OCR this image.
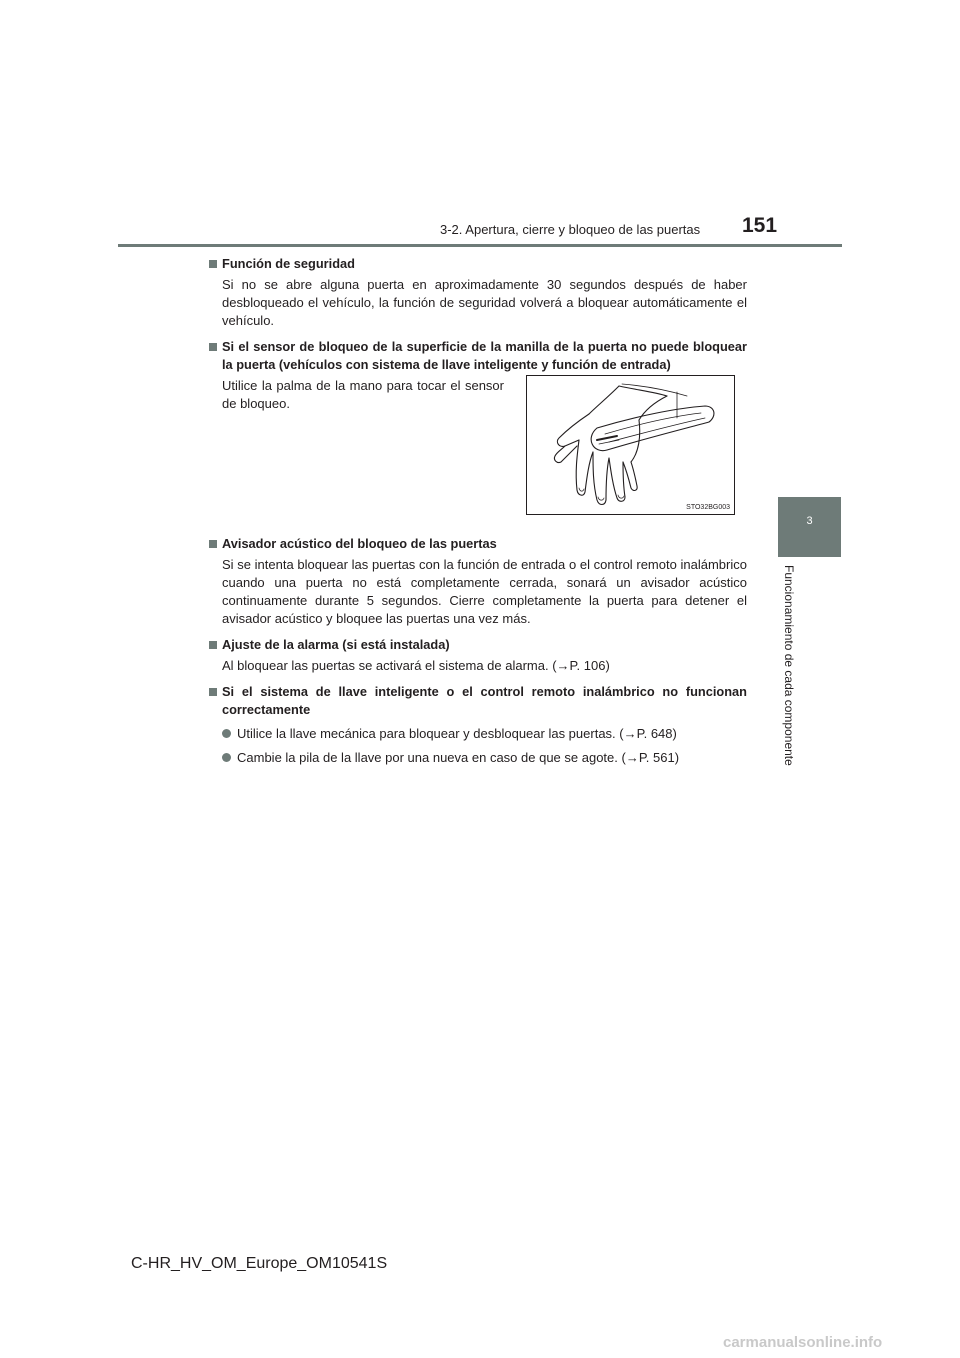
3-2. Apertura, cierre y bloqueo de las puertas 151
3
Funcionamiento de cada componente
Función de seguridad
Si no se abre alguna puerta en aproximadamente 30 segundos después de haber desbloqueado el vehículo, la función de seguridad volverá a bloquear automáticamente el vehículo.
Si el sensor de bloqueo de la superficie de la manilla de la puerta no puede bloquear la puerta (vehículos con sistema de llave inteligente y función de entrada)
Utilice la palma de la mano para tocar el sensor de bloqueo.
STO32BG003
Avisador acústico del bloqueo de las puertas
Si se intenta bloquear las puertas con la función de entrada o el control remoto inalámbrico cuando una puerta no está completamente cerrada, sonará un avisador acústico continuamente durante 5 segundos. Cierre completamente la puerta para detener el avisador acústico y bloquee las puertas una vez más.
Ajuste de la alarma (si está instalada)
Al bloquear las puertas se activará el sistema de alarma. (→P. 106)
Si el sistema de llave inteligente o el control remoto inalámbrico no funcionan correctamente
Utilice la llave mecánica para bloquear y desbloquear las puertas. (→P. 648)
Cambie la pila de la llave por una nueva en caso de que se agote. (→P. 561)
C-HR_HV_OM_Europe_OM10541S
carmanualsonline.info
